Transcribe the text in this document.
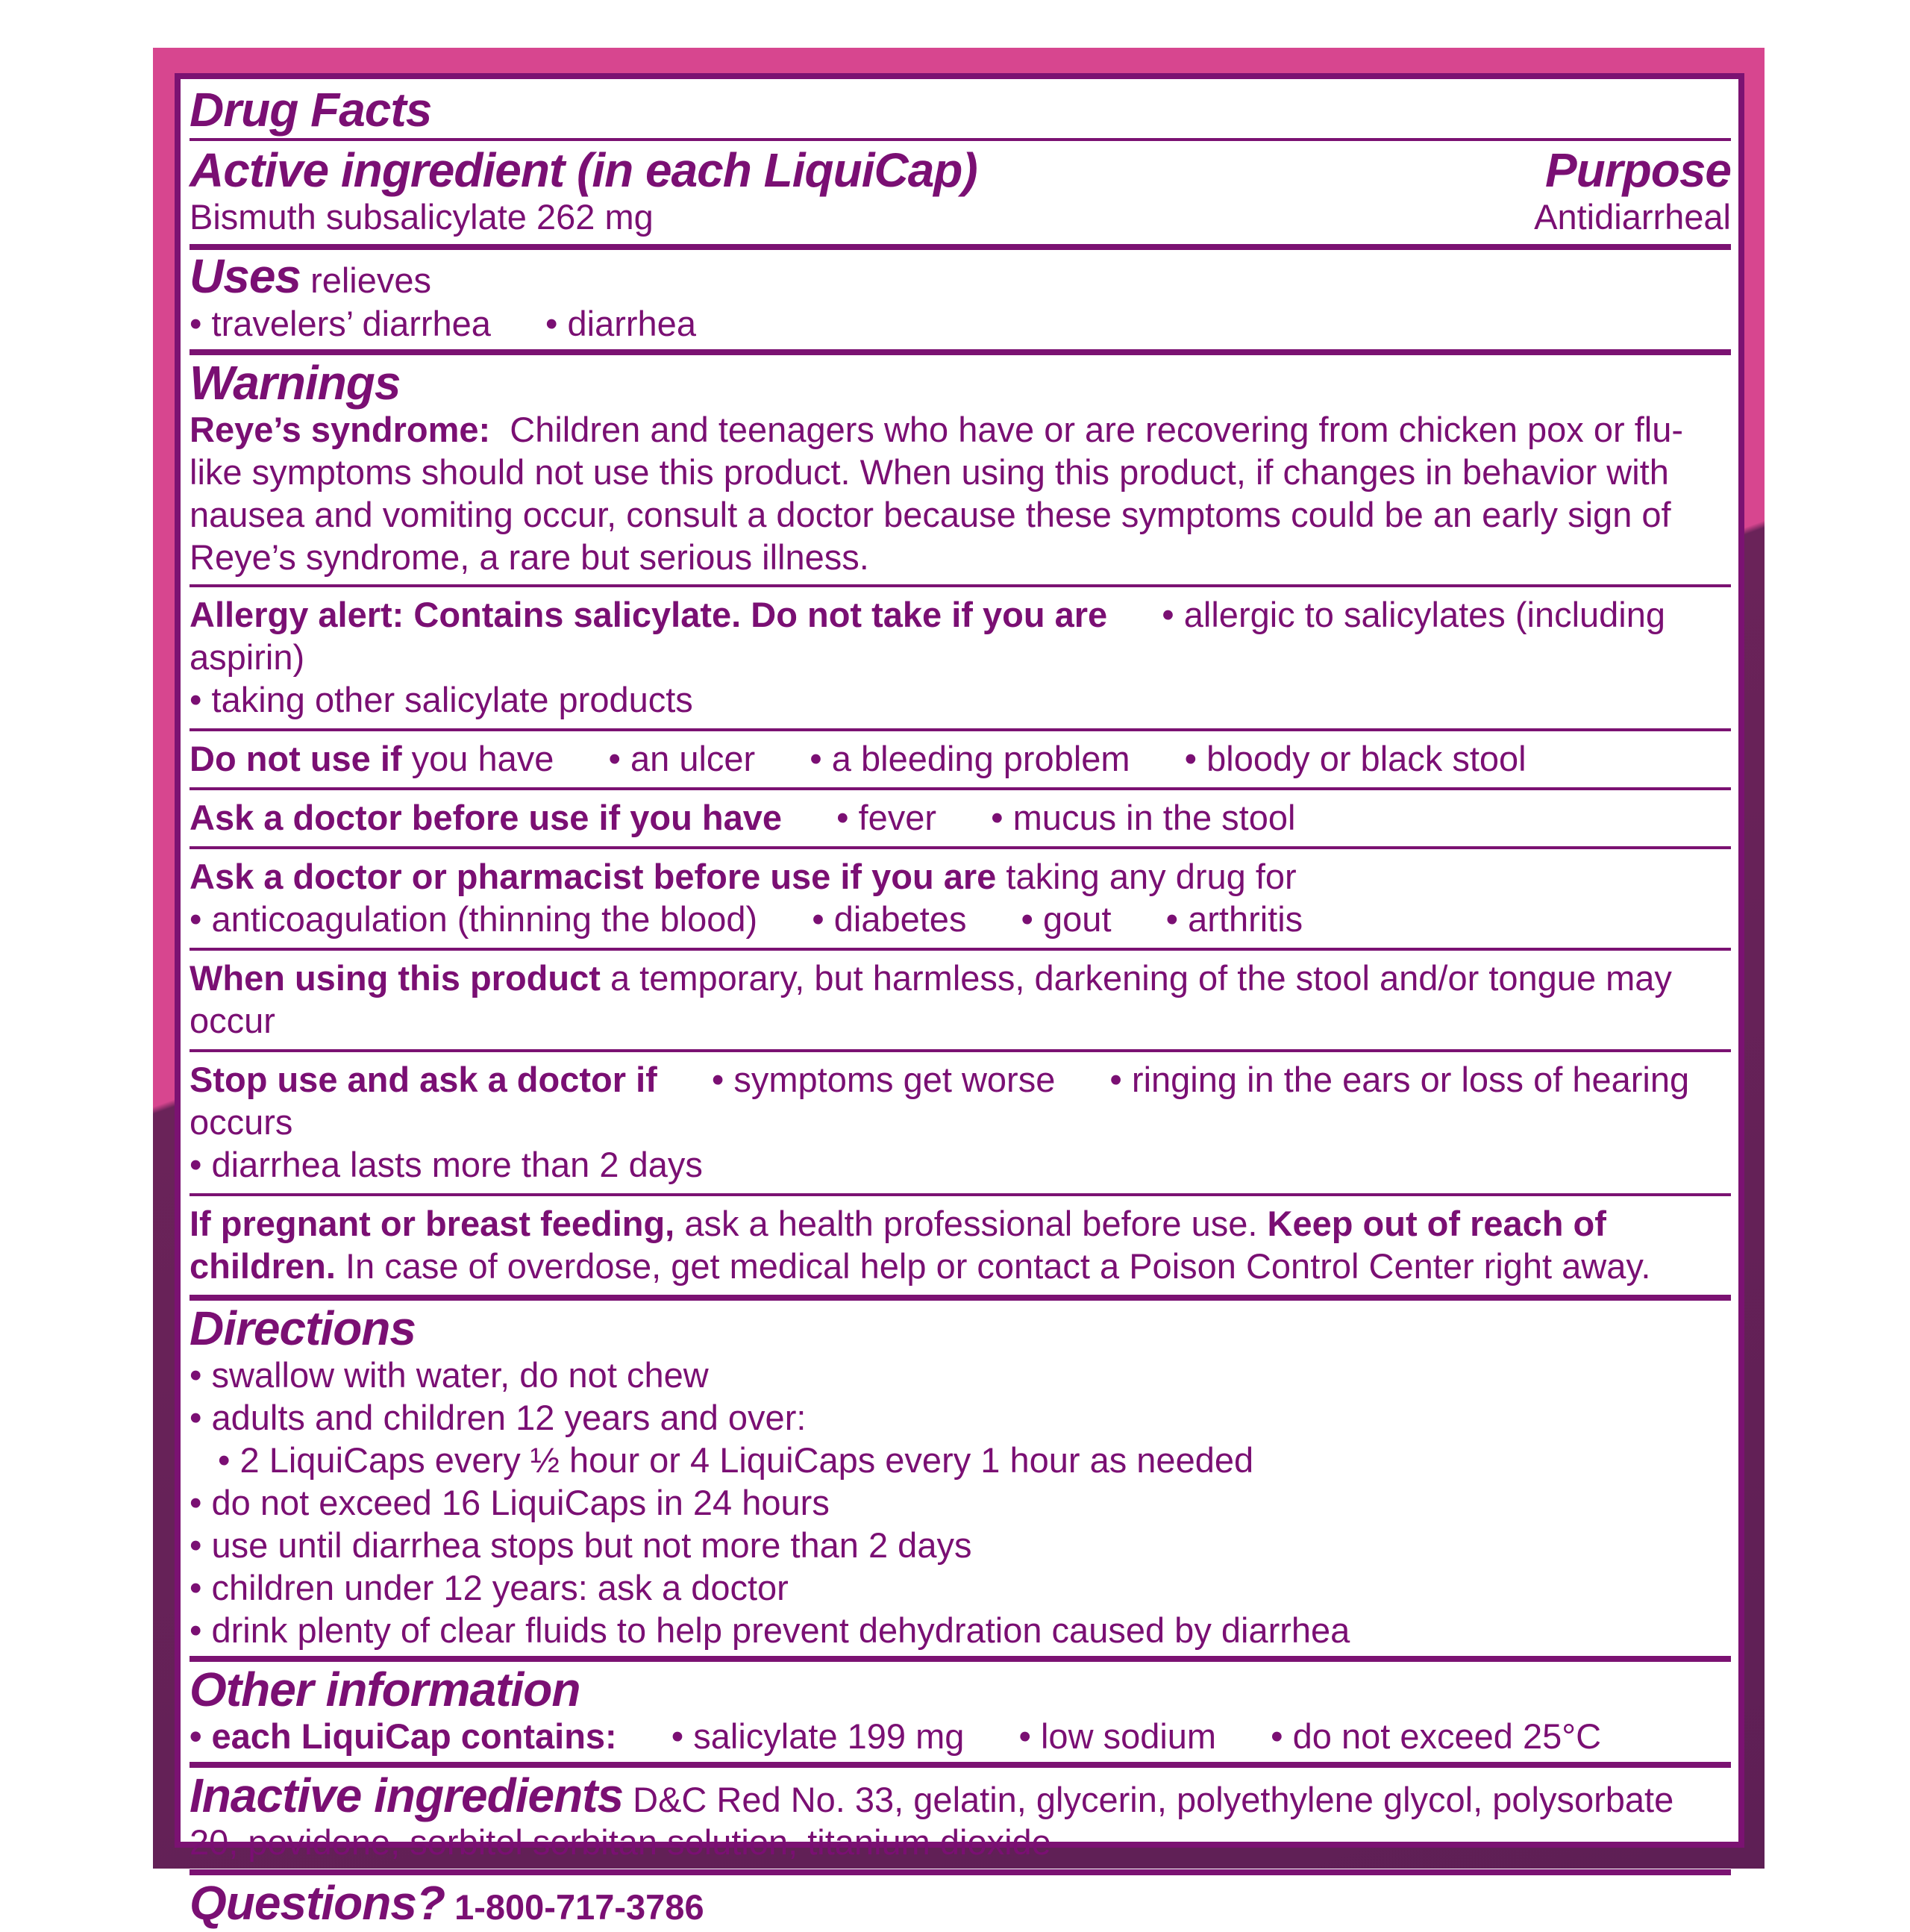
Drug Facts
Active ingredient (in each LiquiCap)
Bismuth subsalicylate 262 mg
Purpose
Antidiarrheal
Uses relieves
• travelers’ diarrhea • diarrhea
Warnings
Reye’s syndrome: Children and teenagers who have or are recovering from chicken pox or flu-like symptoms should not use this product. When using this product, if changes in behavior with nausea and vomiting occur, consult a doctor because these symptoms could be an early sign of Reye’s syndrome, a rare but serious illness.
Allergy alert: Contains salicylate. Do not take if you are • allergic to salicylates (including aspirin)
• taking other salicylate products
Do not use if you have • an ulcer • a bleeding problem • bloody or black stool
Ask a doctor before use if you have • fever • mucus in the stool
Ask a doctor or pharmacist before use if you are taking any drug for
• anticoagulation (thinning the blood) • diabetes • gout • arthritis
When using this product a temporary, but harmless, darkening of the stool and/or tongue may occur
Stop use and ask a doctor if • symptoms get worse • ringing in the ears or loss of hearing occurs
• diarrhea lasts more than 2 days
If pregnant or breast feeding, ask a health professional before use. Keep out of reach of children. In case of overdose, get medical help or contact a Poison Control Center right away.
Directions
• swallow with water, do not chew
• adults and children 12 years and over:
• 2 LiquiCaps every ½ hour or 4 LiquiCaps every 1 hour as needed
• do not exceed 16 LiquiCaps in 24 hours
• use until diarrhea stops but not more than 2 days
• children under 12 years: ask a doctor
• drink plenty of clear fluids to help prevent dehydration caused by diarrhea
Other information
• each LiquiCap contains: • salicylate 199 mg • low sodium • do not exceed 25°C
Inactive ingredients D&C Red No. 33, gelatin, glycerin, polyethylene glycol, polysorbate 20, povidone, sorbitol sorbitan solution, titanium dioxide
Questions? 1-800-717-3786
